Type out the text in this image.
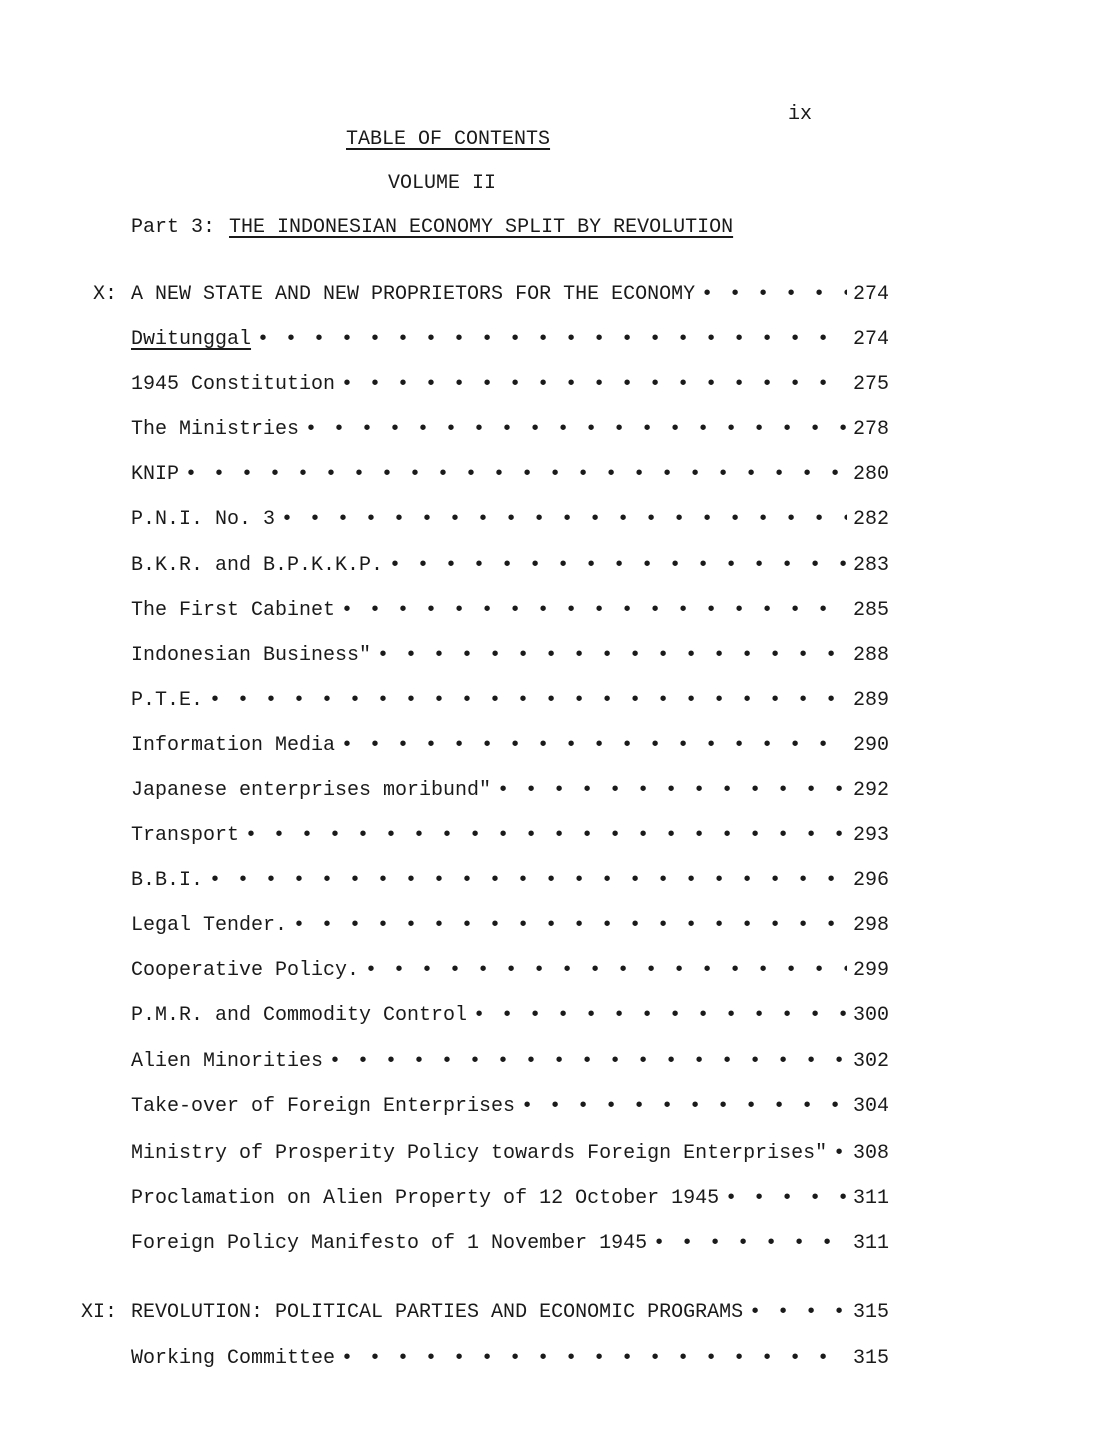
ix
TABLE OF CONTENTS
VOLUME II
Part 3: THE INDONESIAN ECONOMY SPLIT BY REVOLUTION
X: A NEW STATE AND NEW PROPRIETORS FOR THE ECONOMY • • •	274
Dwitunggal • • •	274
1945 Constitution • • •	275
The Ministries • • •	278
KNIP • • •	280
P.N.I. No. 3 • • •	282
B.K.R. and B.P.K.K.P. • • •	283
The First Cabinet • • •	285
Indonesian Business" • • •	288
P.T.E. • • •	289
Information Media • • •	290
Japanese enterprises moribund" • • •	292
Transport • • •	293
B.B.I. • • •	296
Legal Tender. • • •	298
Cooperative Policy. • • •	299
P.M.R. and Commodity Control • • •	300
Alien Minorities • • •	302
Take-over of Foreign Enterprises • • •	304
Ministry of Prosperity Policy towards Foreign Enterprises" • • • 308
Proclamation on Alien Property of 12 October 1945 • • •	311
Foreign Policy Manifesto of 1 November 1945 • • •	311
XI: REVOLUTION: POLITICAL PARTIES AND ECONOMIC PROGRAMS • • •	315
Working Committee • • •	315
